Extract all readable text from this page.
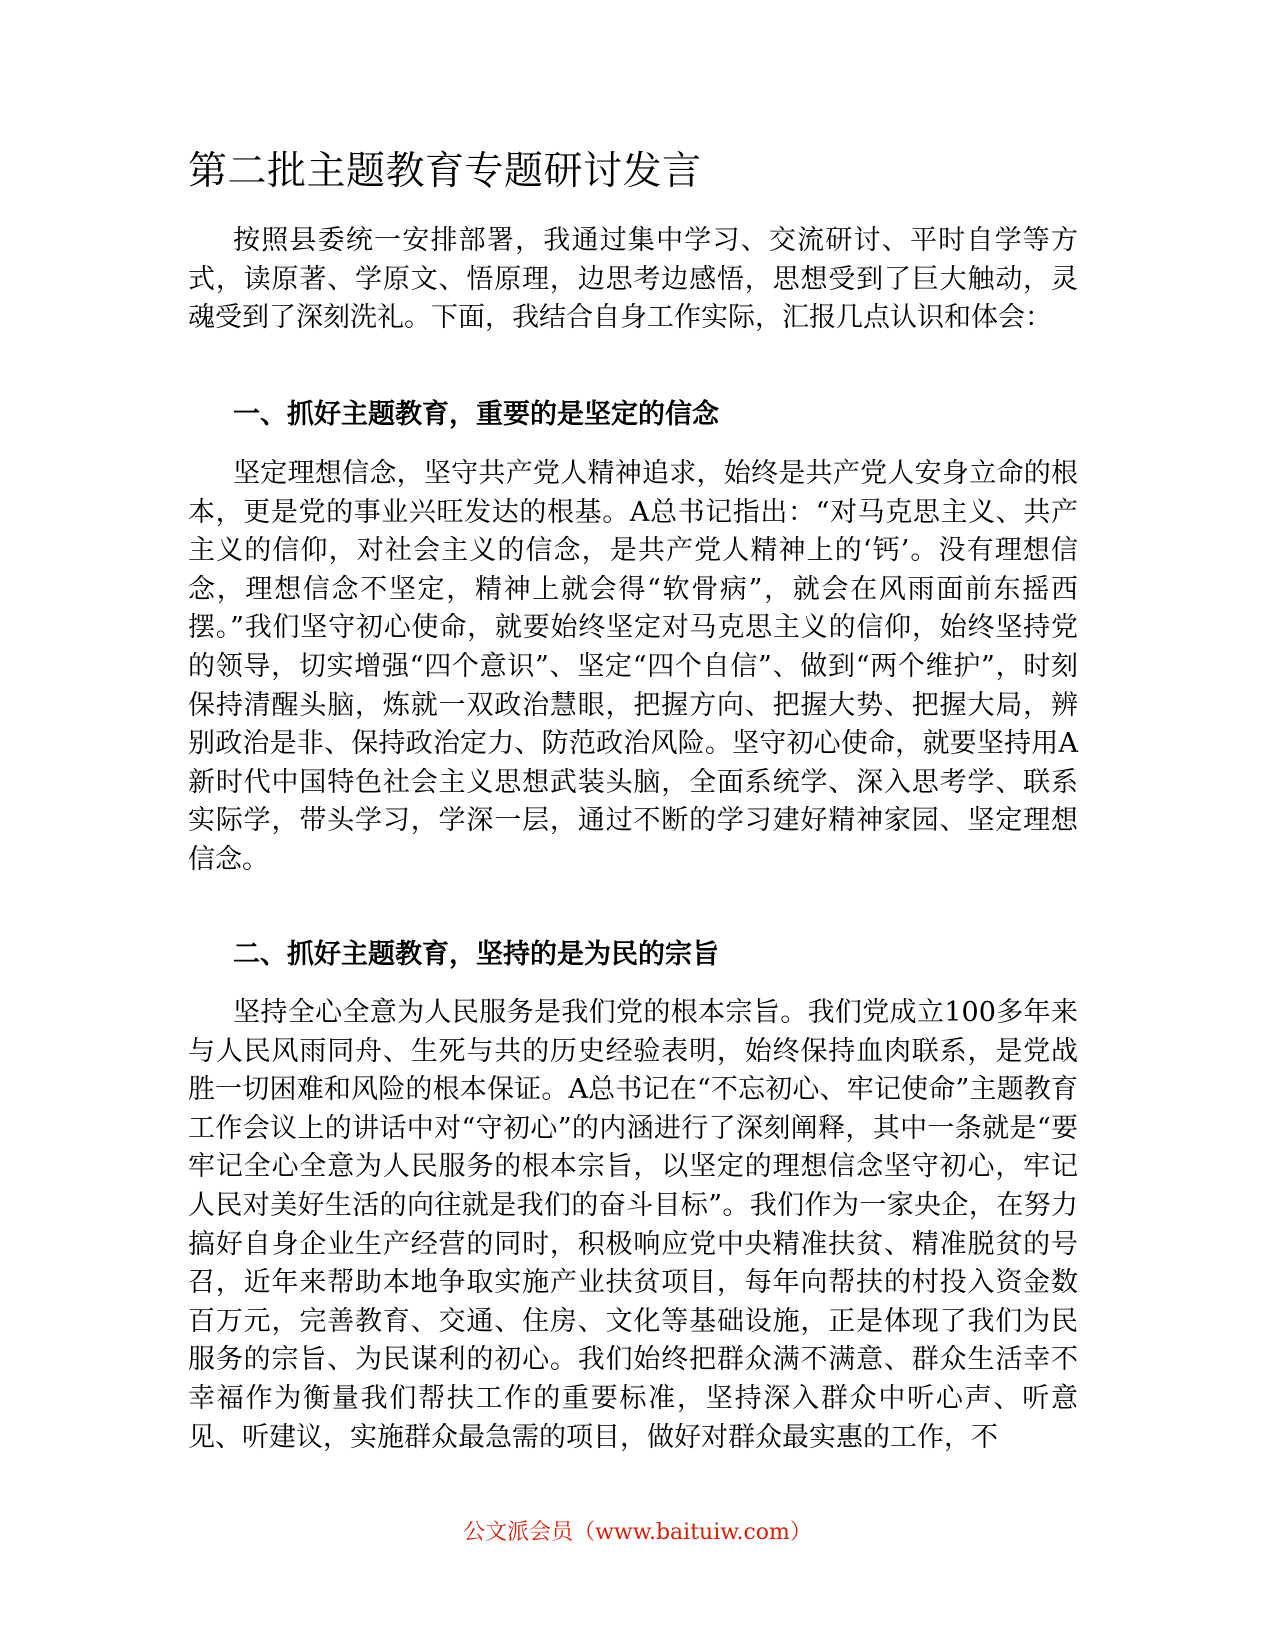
第二批主题教育专题研讨发言

按照县委统一安排部署，我通过集中学习、交流研讨、平时自学等方式，读原著、学原文、悟原理，边思考边感悟，思想受到了巨大触动，灵魂受到了深刻洗礼。下面，我结合自身工作实际，汇报几点认识和体会：

一、抓好主题教育，重要的是坚定的信念

坚定理想信念，坚守共产党人精神追求，始终是共产党人安身立命的根本，更是党的事业兴旺发达的根基。A总书记指出：“对马克思主义、共产主义的信仰，对社会主义的信念，是共产党人精神上的‘钙’。没有理想信念，理想信念不坚定，精神上就会得“软骨病”，就会在风雨面前东摇西摆。”我们坚守初心使命，就要始终坚定对马克思主义的信仰，始终坚持党的领导，切实增强“四个意识”、坚定“四个自信”、做到“两个维护”，时刻保持清醒头脑，炼就一双政治慧眼，把握方向、把握大势、把握大局，辨别政治是非、保持政治定力、防范政治风险。坚守初心使命，就要坚持用A新时代中国特色社会主义思想武装头脑，全面系统学、深入思考学、联系实际学，带头学习，学深一层，通过不断的学习建好精神家园、坚定理想信念。

二、抓好主题教育，坚持的是为民的宗旨

坚持全心全意为人民服务是我们党的根本宗旨。我们党成立100多年来与人民风雨同舟、生死与共的历史经验表明，始终保持血肉联系，是党战胜一切困难和风险的根本保证。A总书记在“不忘初心、牢记使命”主题教育工作会议上的讲话中对“守初心”的内涵进行了深刻阐释，其中一条就是“要牢记全心全意为人民服务的根本宗旨，以坚定的理想信念坚守初心，牢记人民对美好生活的向往就是我们的奋斗目标”。我们作为一家央企，在努力搞好自身企业生产经营的同时，积极响应党中央精准扶贫、精准脱贫的号召，近年来帮助本地争取实施产业扶贫项目，每年向帮扶的村投入资金数百万元，完善教育、交通、住房、文化等基础设施，正是体现了我们为民服务的宗旨、为民谋利的初心。我们始终把群众满不满意、群众生活幸不幸福作为衡量我们帮扶工作的重要标准，坚持深入群众中听心声、听意见、听建议，实施群众最急需的项目，做好对群众最实惠的工作，不

公文派会员（www.baituiw.com）
